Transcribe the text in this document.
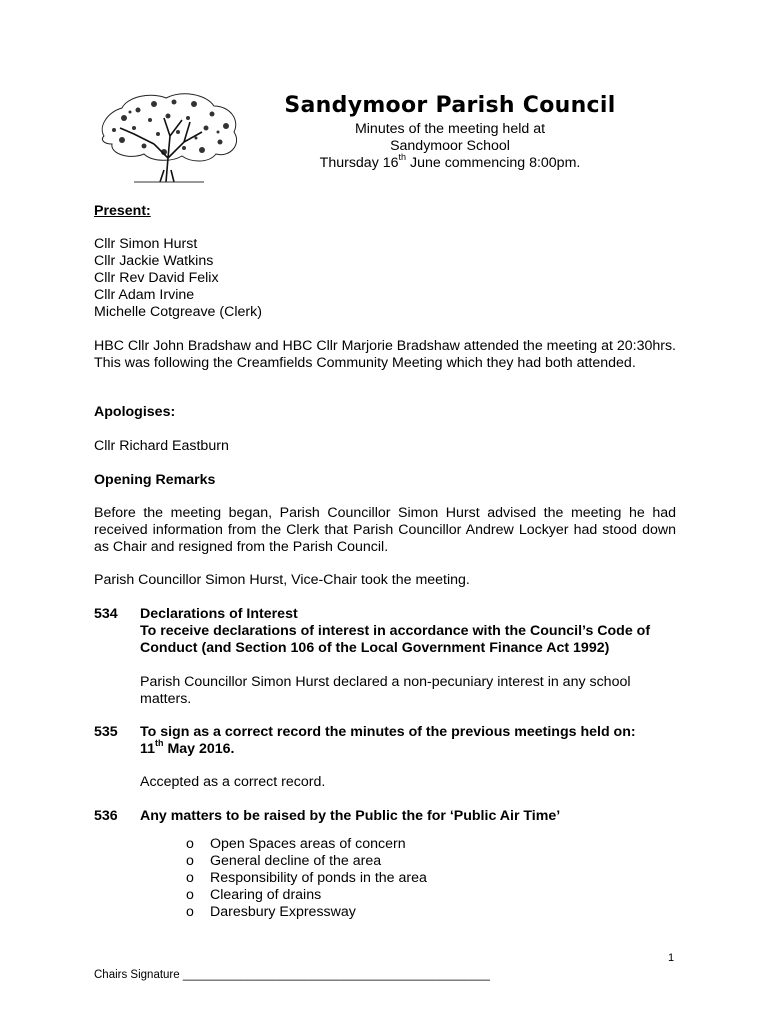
Sandymoor Parish Council
Minutes of the meeting held at
Sandymoor School
Thursday 16th June commencing 8:00pm.
Present:
Cllr Simon Hurst
Cllr Jackie Watkins
Cllr Rev David Felix
Cllr Adam Irvine
Michelle Cotgreave (Clerk)
HBC Cllr John Bradshaw and HBC Cllr Marjorie Bradshaw attended the meeting at 20:30hrs. This was following the Creamfields Community Meeting which they had both attended.
Apologises:
Cllr Richard Eastburn
Opening Remarks
Before the meeting began, Parish Councillor Simon Hurst advised the meeting he had received information from the Clerk that Parish Councillor Andrew Lockyer had stood down as Chair and resigned from the Parish Council.
Parish Councillor Simon Hurst, Vice-Chair took the meeting.
534 Declarations of Interest
To receive declarations of interest in accordance with the Council’s Code of Conduct (and Section 106 of the Local Government Finance Act 1992)
Parish Councillor Simon Hurst declared a non-pecuniary interest in any school matters.
535 To sign as a correct record the minutes of the previous meetings held on:
11th May 2016.
Accepted as a correct record.
536 Any matters to be raised by the Public the for ‘Public Air Time’
o Open Spaces areas of concern
o General decline of the area
o Responsibility of ponds in the area
o Clearing of drains
o Daresbury Expressway
1
Chairs Signature ________________________________________________
